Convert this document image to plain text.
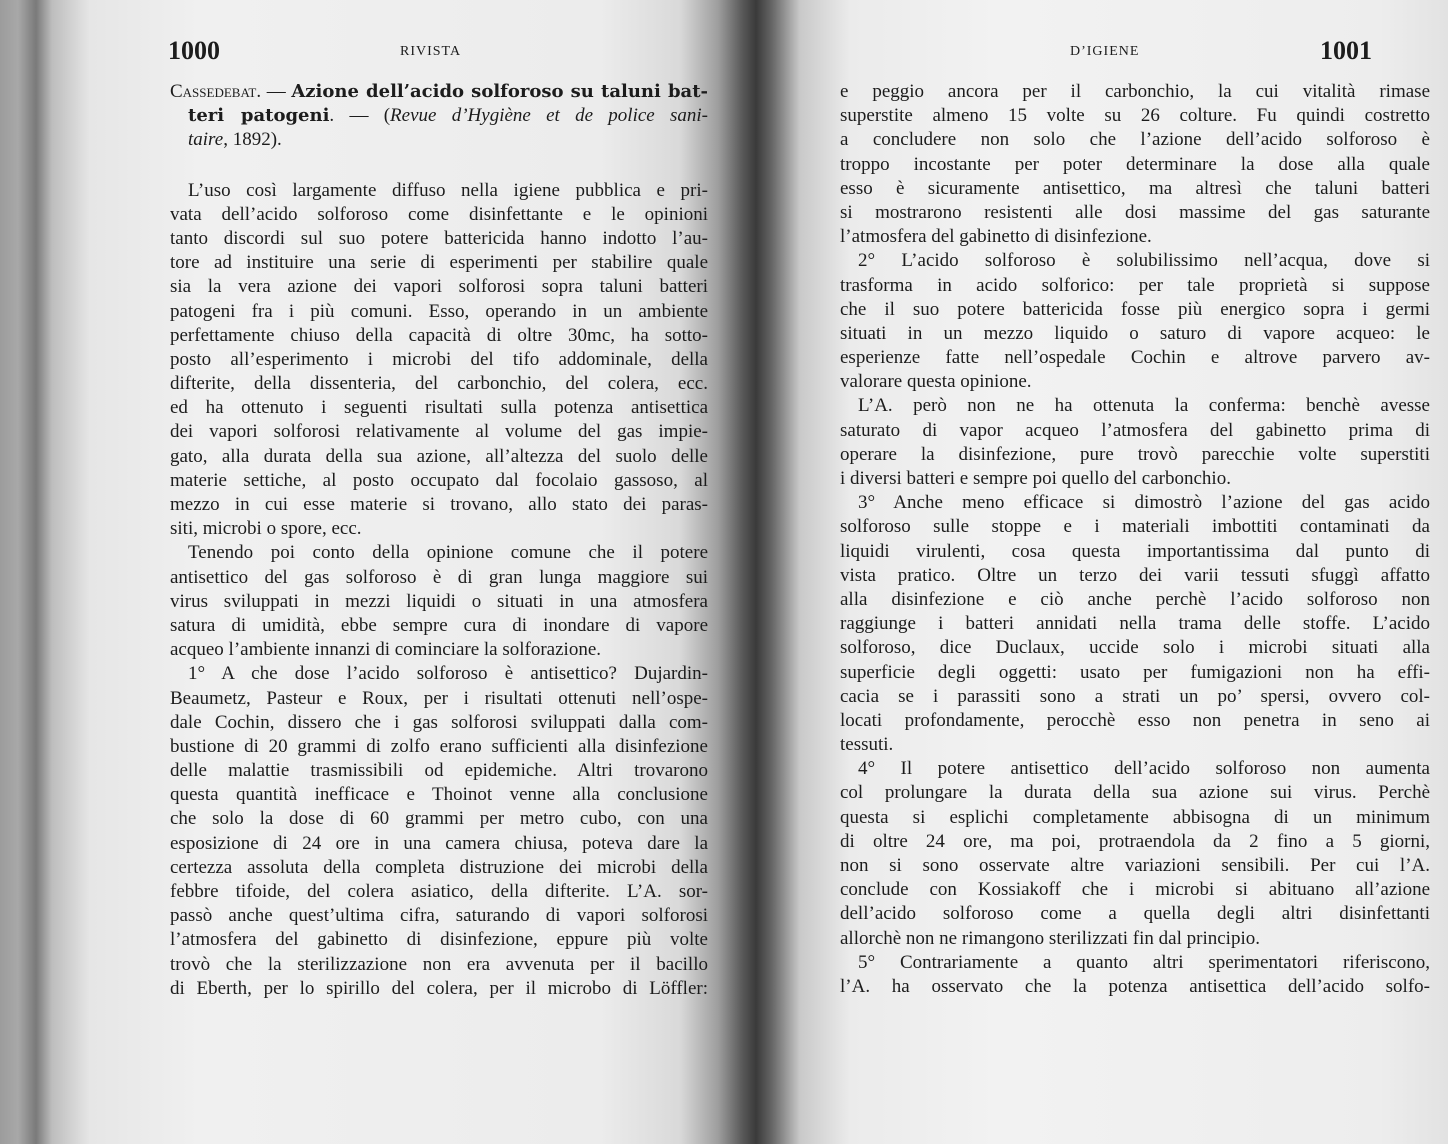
1000	RIVISTA
Cassedebat. — Azione dell’acido solforoso su taluni bat-
teri patogeni. — (Revue d’Hygiène et de police sani-
taire, 1892).
L’uso così largamente diffuso nella igiene pubblica e pri-
vata dell’acido solforoso come disinfettante e le opinioni
tanto discordi sul suo potere battericida hanno indotto l’au-
tore ad instituire una serie di esperimenti per stabilire quale
sia la vera azione dei vapori solforosi sopra taluni batteri
patogeni fra i più comuni. Esso, operando in un ambiente
perfettamente chiuso della capacità di oltre 30mc, ha sotto-
posto all’esperimento i microbi del tifo addominale, della
difterite, della dissenteria, del carbonchio, del colera, ecc.
ed ha ottenuto i seguenti risultati sulla potenza antisettica
dei vapori solforosi relativamente al volume del gas impie-
gato, alla durata della sua azione, all’altezza del suolo delle
materie settiche, al posto occupato dal focolaio gassoso, al
mezzo in cui esse materie si trovano, allo stato dei paras-
siti, microbi o spore, ecc.
Tenendo poi conto della opinione comune che il potere
antisettico del gas solforoso è di gran lunga maggiore sui
virus sviluppati in mezzi liquidi o situati in una atmosfera
satura di umidità, ebbe sempre cura di inondare di vapore
acqueo l’ambiente innanzi di cominciare la solforazione.
1° A che dose l’acido solforoso è antisettico? Dujardin-
Beaumetz, Pasteur e Roux, per i risultati ottenuti nell’ospe-
dale Cochin, dissero che i gas solforosi sviluppati dalla com-
bustione di 20 grammi di zolfo erano sufficienti alla disinfezione
delle malattie trasmissibili od epidemiche. Altri trovarono
questa quantità inefficace e Thoinot venne alla conclusione
che solo la dose di 60 grammi per metro cubo, con una
esposizione di 24 ore in una camera chiusa, poteva dare la
certezza assoluta della completa distruzione dei microbi della
febbre tifoide, del colera asiatico, della difterite. L’A. sor-
passò anche quest’ultima cifra, saturando di vapori solforosi
l’atmosfera del gabinetto di disinfezione, eppure più volte
trovò che la sterilizzazione non era avvenuta per il bacillo
di Eberth, per lo spirillo del colera, per il microbo di Löffler:
D’IGIENE	1001
e peggio ancora per il carbonchio, la cui vitalità rimase
superstite almeno 15 volte su 26 colture. Fu quindi costretto
a concludere non solo che l’azione dell’acido solforoso è
troppo incostante per poter determinare la dose alla quale
esso è sicuramente antisettico, ma altresì che taluni batteri
si mostrarono resistenti alle dosi massime del gas saturante
l’atmosfera del gabinetto di disinfezione.
2° L’acido solforoso è solubilissimo nell’acqua, dove si
trasforma in acido solforico: per tale proprietà si suppose
che il suo potere battericida fosse più energico sopra i germi
situati in un mezzo liquido o saturo di vapore acqueo: le
esperienze fatte nell’ospedale Cochin e altrove parvero av-
valorare questa opinione.
L’A. però non ne ha ottenuta la conferma: benchè avesse
saturato di vapor acqueo l’atmosfera del gabinetto prima di
operare la disinfezione, pure trovò parecchie volte superstiti
i diversi batteri e sempre poi quello del carbonchio.
3° Anche meno efficace si dimostrò l’azione del gas acido
solforoso sulle stoppe e i materiali imbottiti contaminati da
liquidi virulenti, cosa questa importantissima dal punto di
vista pratico. Oltre un terzo dei varii tessuti sfuggì affatto
alla disinfezione e ciò anche perchè l’acido solforoso non
raggiunge i batteri annidati nella trama delle stoffe. L’acido
solforoso, dice Duclaux, uccide solo i microbi situati alla
superficie degli oggetti: usato per fumigazioni non ha effi-
cacia se i parassiti sono a strati un po’ spersi, ovvero col-
locati profondamente, perocchè esso non penetra in seno ai
tessuti.
4° Il potere antisettico dell’acido solforoso non aumenta
col prolungare la durata della sua azione sui virus. Perchè
questa si esplichi completamente abbisogna di un minimum
di oltre 24 ore, ma poi, protraendola da 2 fino a 5 giorni,
non si sono osservate altre variazioni sensibili. Per cui l’A.
conclude con Kossiakoff che i microbi si abituano all’azione
dell’acido solforoso come a quella degli altri disinfettanti
allorchè non ne rimangono sterilizzati fin dal principio.
5° Contrariamente a quanto altri sperimentatori riferiscono,
l’A. ha osservato che la potenza antisettica dell’acido solfo-
